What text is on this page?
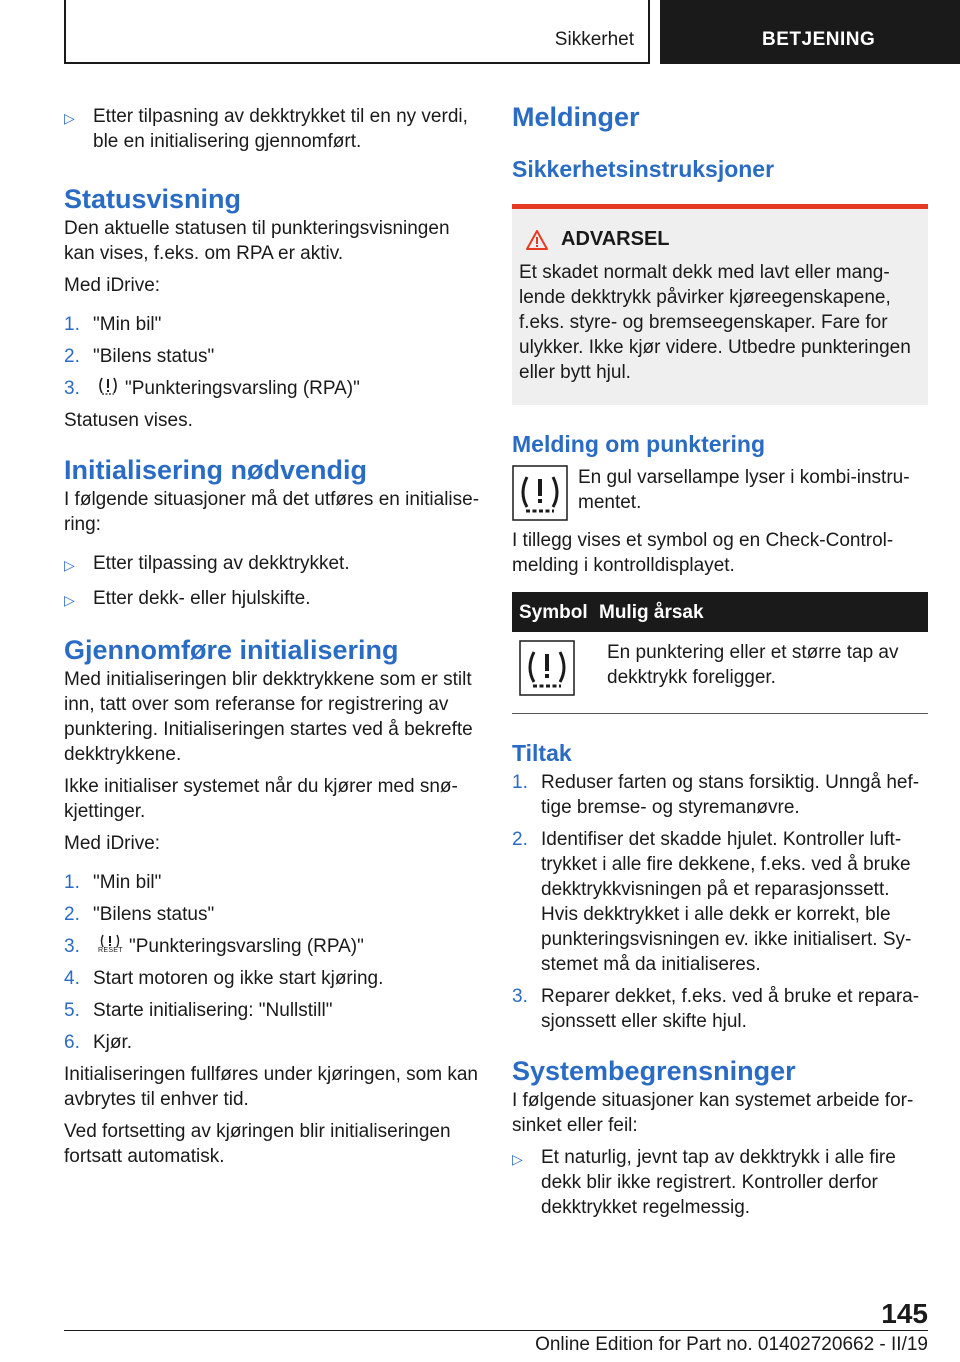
Sikkerhet	BETJENING
▷ Etter tilpasning av dekktrykket til en ny verdi, ble en initialisering gjennomført.
Statusvisning
Den aktuelle statusen til punkteringsvisningen kan vises, f.eks. om RPA er aktiv.
Med iDrive:
1. "Min bil"
2. "Bilens status"
3.	"Punkteringsvarsling (RPA)"
Statusen vises.
Initialisering nødvendig
I følgende situasjoner må det utføres en initialisering:
▷ Etter tilpassing av dekktrykket.
▷ Etter dekk- eller hjulskifte.
Gjennomføre initialisering
Med initialiseringen blir dekktrykkene som er stilt inn, tatt over som referanse for registrering av punktering. Initialiseringen startes ved å bekrefte dekktrykkene.
Ikke initialiser systemet når du kjører med snøkjettinger.
Med iDrive:
1. "Min bil"
2. "Bilens status"
3.	RESET "Punkteringsvarsling (RPA)"
4. Start motoren og ikke start kjøring.
5. Starte initialisering: "Nullstill"
6. Kjør.
Initialiseringen fullføres under kjøringen, som kan avbrytes til enhver tid.
Ved fortsetting av kjøringen blir initialiseringen fortsatt automatisk.
Meldinger
Sikkerhetsinstruksjoner
ADVARSEL
Et skadet normalt dekk med lavt eller manglende dekktrykk påvirker kjøreegenskapene, f.eks. styre- og bremseegenskaper. Fare for ulykker. Ikke kjør videre. Utbedre punkteringen eller bytt hjul.
Melding om punktering
En gul varsellampe lyser i kombi-instrumentet.
I tillegg vises et symbol og en Check-Control-melding i kontrolldisplayet.
Symbol Mulig årsak
En punktering eller et større tap av dekktrykk foreligger.
Tiltak
1. Reduser farten og stans forsiktig. Unngå heftige bremse- og styremanøvre.
2. Identifiser det skadde hjulet. Kontroller lufttrykket i alle fire dekkene, f.eks. ved å bruke dekktrykkvisningen på et reparasjonssett. Hvis dekktrykket i alle dekk er korrekt, ble punkteringsvisningen ev. ikke initialisert. Systemet må da initialiseres.
3. Reparer dekket, f.eks. ved å bruke et reparasjonssett eller skifte hjul.
Systembegrensninger
I følgende situasjoner kan systemet arbeide forsinket eller feil:
▷ Et naturlig, jevnt tap av dekktrykk i alle fire dekk blir ikke registrert. Kontroller derfor dekktrykket regelmessig.
145
Online Edition for Part no. 01402720662 - II/19
